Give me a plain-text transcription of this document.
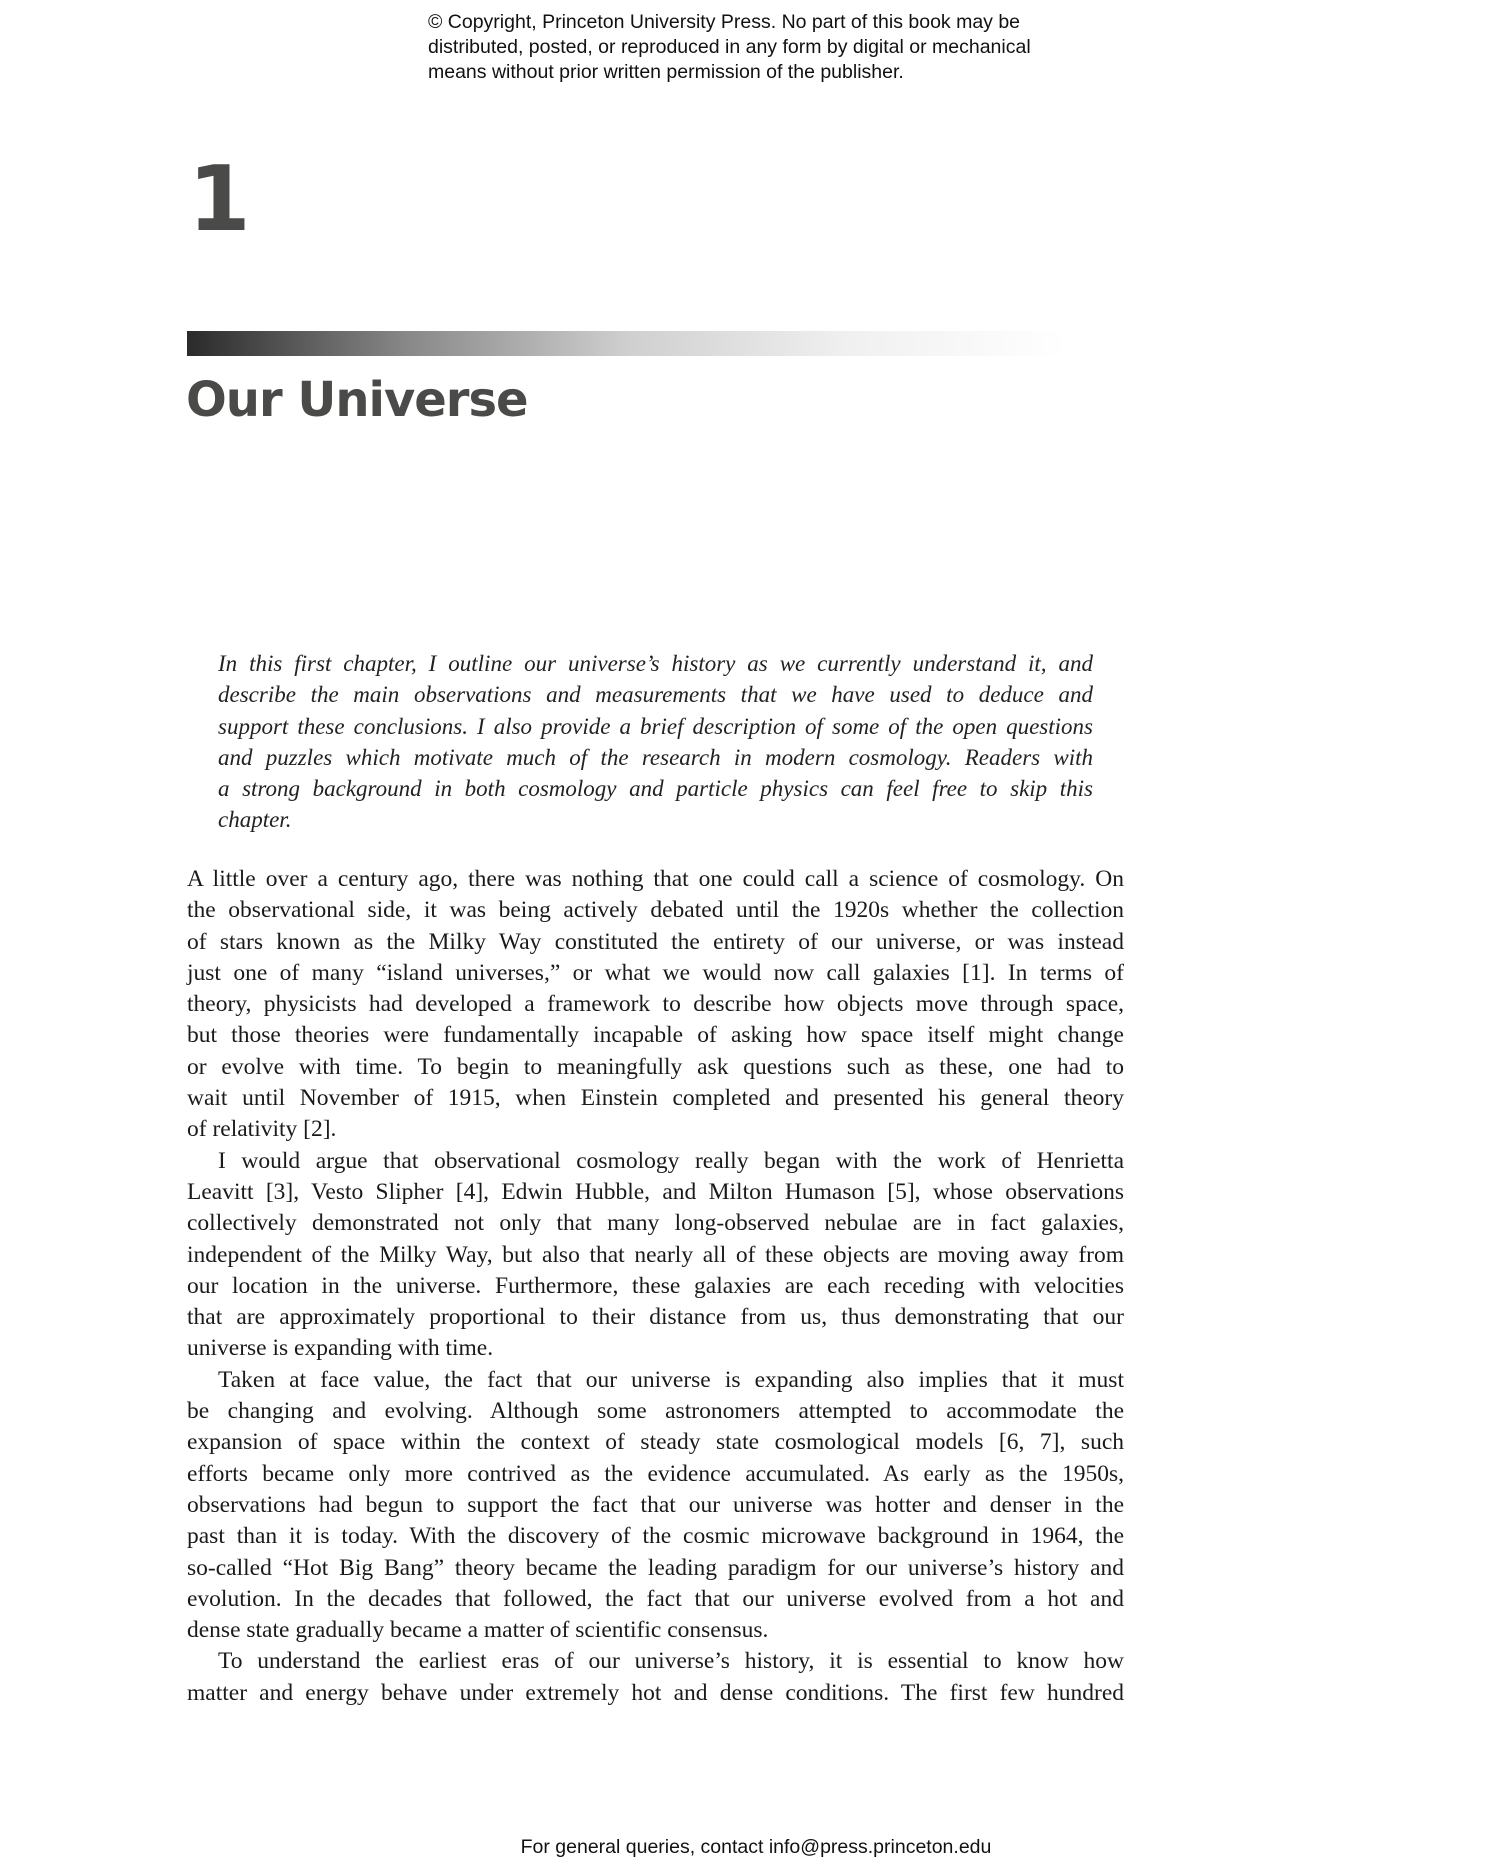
© Copyright, Princeton University Press. No part of this book may be
distributed, posted, or reproduced in any form by digital or mechanical
means without prior written permission of the publisher.
1
Our Universe
In this first chapter, I outline our universe’s history as we currently understand it, and
describe the main observations and measurements that we have used to deduce and
support these conclusions. I also provide a brief description of some of the open questions
and puzzles which motivate much of the research in modern cosmology. Readers with
a strong background in both cosmology and particle physics can feel free to skip this
chapter.
A little over a century ago, there was nothing that one could call a science of cosmology. On
the observational side, it was being actively debated until the 1920s whether the collection
of stars known as the Milky Way constituted the entirety of our universe, or was instead
just one of many “island universes,” or what we would now call galaxies [1]. In terms of
theory, physicists had developed a framework to describe how objects move through space,
but those theories were fundamentally incapable of asking how space itself might change
or evolve with time. To begin to meaningfully ask questions such as these, one had to
wait until November of 1915, when Einstein completed and presented his general theory
of relativity [2].
I would argue that observational cosmology really began with the work of Henrietta
Leavitt [3], Vesto Slipher [4], Edwin Hubble, and Milton Humason [5], whose observations
collectively demonstrated not only that many long-observed nebulae are in fact galaxies,
independent of the Milky Way, but also that nearly all of these objects are moving away from
our location in the universe. Furthermore, these galaxies are each receding with velocities
that are approximately proportional to their distance from us, thus demonstrating that our
universe is expanding with time.
Taken at face value, the fact that our universe is expanding also implies that it must
be changing and evolving. Although some astronomers attempted to accommodate the
expansion of space within the context of steady state cosmological models [6, 7], such
efforts became only more contrived as the evidence accumulated. As early as the 1950s,
observations had begun to support the fact that our universe was hotter and denser in the
past than it is today. With the discovery of the cosmic microwave background in 1964, the
so-called “Hot Big Bang” theory became the leading paradigm for our universe’s history and
evolution. In the decades that followed, the fact that our universe evolved from a hot and
dense state gradually became a matter of scientific consensus.
To understand the earliest eras of our universe’s history, it is essential to know how
matter and energy behave under extremely hot and dense conditions. The first few hundred
For general queries, contact info@press.princeton.edu
